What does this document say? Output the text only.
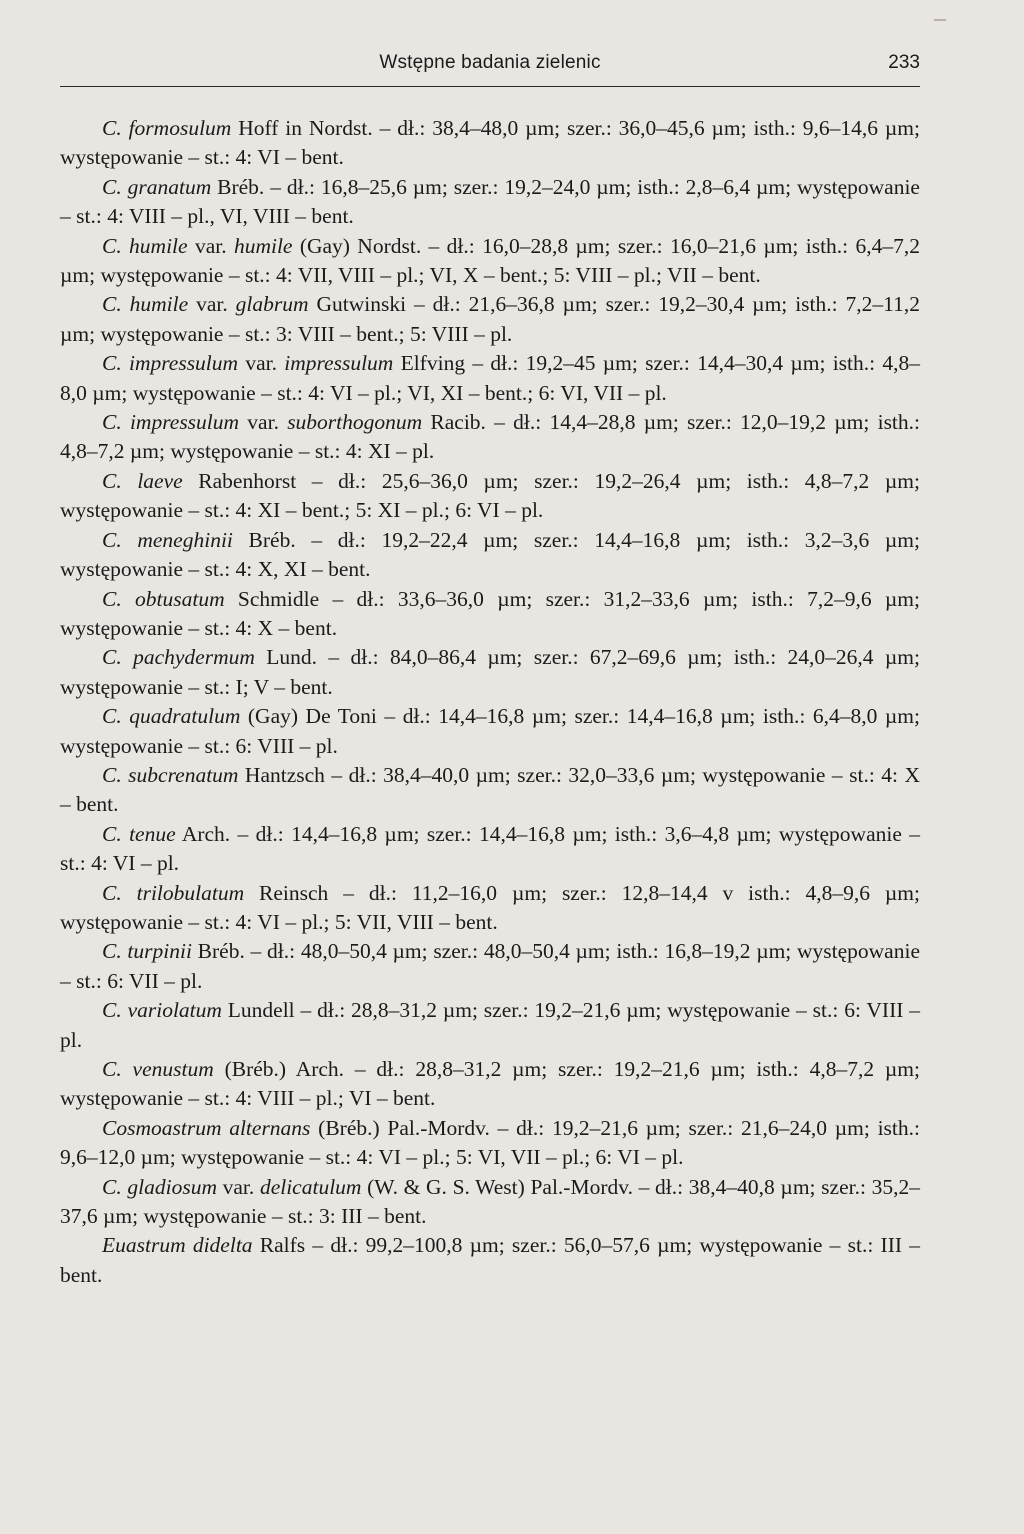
Wstępne badania zielenic	233

C. formosulum Hoff in Nordst. – dł.: 38,4–48,0 µm; szer.: 36,0–45,6 µm; isth.: 9,6–14,6 µm; występowanie – st.: 4: VI – bent.

C. granatum Bréb. – dł.: 16,8–25,6 µm; szer.: 19,2–24,0 µm; isth.: 2,8–6,4 µm; występowanie – st.: 4: VIII – pl., VI, VIII – bent.

C. humile var. humile (Gay) Nordst. – dł.: 16,0–28,8 µm; szer.: 16,0–21,6 µm; isth.: 6,4–7,2 µm; występowanie – st.: 4: VII, VIII – pl.; VI, X – bent.; 5: VIII – pl.; VII – bent.

C. humile var. glabrum Gutwinski – dł.: 21,6–36,8 µm; szer.: 19,2–30,4 µm; isth.: 7,2–11,2 µm; występowanie – st.: 3: VIII – bent.; 5: VIII – pl.

C. impressulum var. impressulum Elfving – dł.: 19,2–45 µm; szer.: 14,4–30,4 µm; isth.: 4,8–8,0 µm; występowanie – st.: 4: VI – pl.; VI, XI – bent.; 6: VI, VII – pl.

C. impressulum var. suborthogonum Racib. – dł.: 14,4–28,8 µm; szer.: 12,0–19,2 µm; isth.: 4,8–7,2 µm; występowanie – st.: 4: XI – pl.

C. laeve Rabenhorst – dł.: 25,6–36,0 µm; szer.: 19,2–26,4 µm; isth.: 4,8–7,2 µm; występowanie – st.: 4: XI – bent.; 5: XI – pl.; 6: VI – pl.

C. meneghinii Bréb. – dł.: 19,2–22,4 µm; szer.: 14,4–16,8 µm; isth.: 3,2–3,6 µm; występowanie – st.: 4: X, XI – bent.

C. obtusatum Schmidle – dł.: 33,6–36,0 µm; szer.: 31,2–33,6 µm; isth.: 7,2–9,6 µm; występowanie – st.: 4: X – bent.

C. pachydermum Lund. – dł.: 84,0–86,4 µm; szer.: 67,2–69,6 µm; isth.: 24,0–26,4 µm; występowanie – st.: I; V – bent.

C. quadratulum (Gay) De Toni – dł.: 14,4–16,8 µm; szer.: 14,4–16,8 µm; isth.: 6,4–8,0 µm; występowanie – st.: 6: VIII – pl.

C. subcrenatum Hantzsch – dł.: 38,4–40,0 µm; szer.: 32,0–33,6 µm; występowanie – st.: 4: X – bent.

C. tenue Arch. – dł.: 14,4–16,8 µm; szer.: 14,4–16,8 µm; isth.: 3,6–4,8 µm; występowanie – st.: 4: VI – pl.

C. trilobulatum Reinsch – dł.: 11,2–16,0 µm; szer.: 12,8–14,4 v isth.: 4,8–9,6 µm; występowanie – st.: 4: VI – pl.; 5: VII, VIII – bent.

C. turpinii Bréb. – dł.: 48,0–50,4 µm; szer.: 48,0–50,4 µm; isth.: 16,8–19,2 µm; występowanie – st.: 6: VII – pl.

C. variolatum Lundell – dł.: 28,8–31,2 µm; szer.: 19,2–21,6 µm; występowanie – st.: 6: VIII – pl.

C. venustum (Bréb.) Arch. – dł.: 28,8–31,2 µm; szer.: 19,2–21,6 µm; isth.: 4,8–7,2 µm; występowanie – st.: 4: VIII – pl.; VI – bent.

Cosmoastrum alternans (Bréb.) Pal.-Mordv. – dł.: 19,2–21,6 µm; szer.: 21,6–24,0 µm; isth.: 9,6–12,0 µm; występowanie – st.: 4: VI – pl.; 5: VI, VII – pl.; 6: VI – pl.

C. gladiosum var. delicatulum (W. & G. S. West) Pal.-Mordv. – dł.: 38,4–40,8 µm; szer.: 35,2–37,6 µm; występowanie – st.: 3: III – bent.

Euastrum didelta Ralfs – dł.: 99,2–100,8 µm; szer.: 56,0–57,6 µm; występowanie – st.: III – bent.
